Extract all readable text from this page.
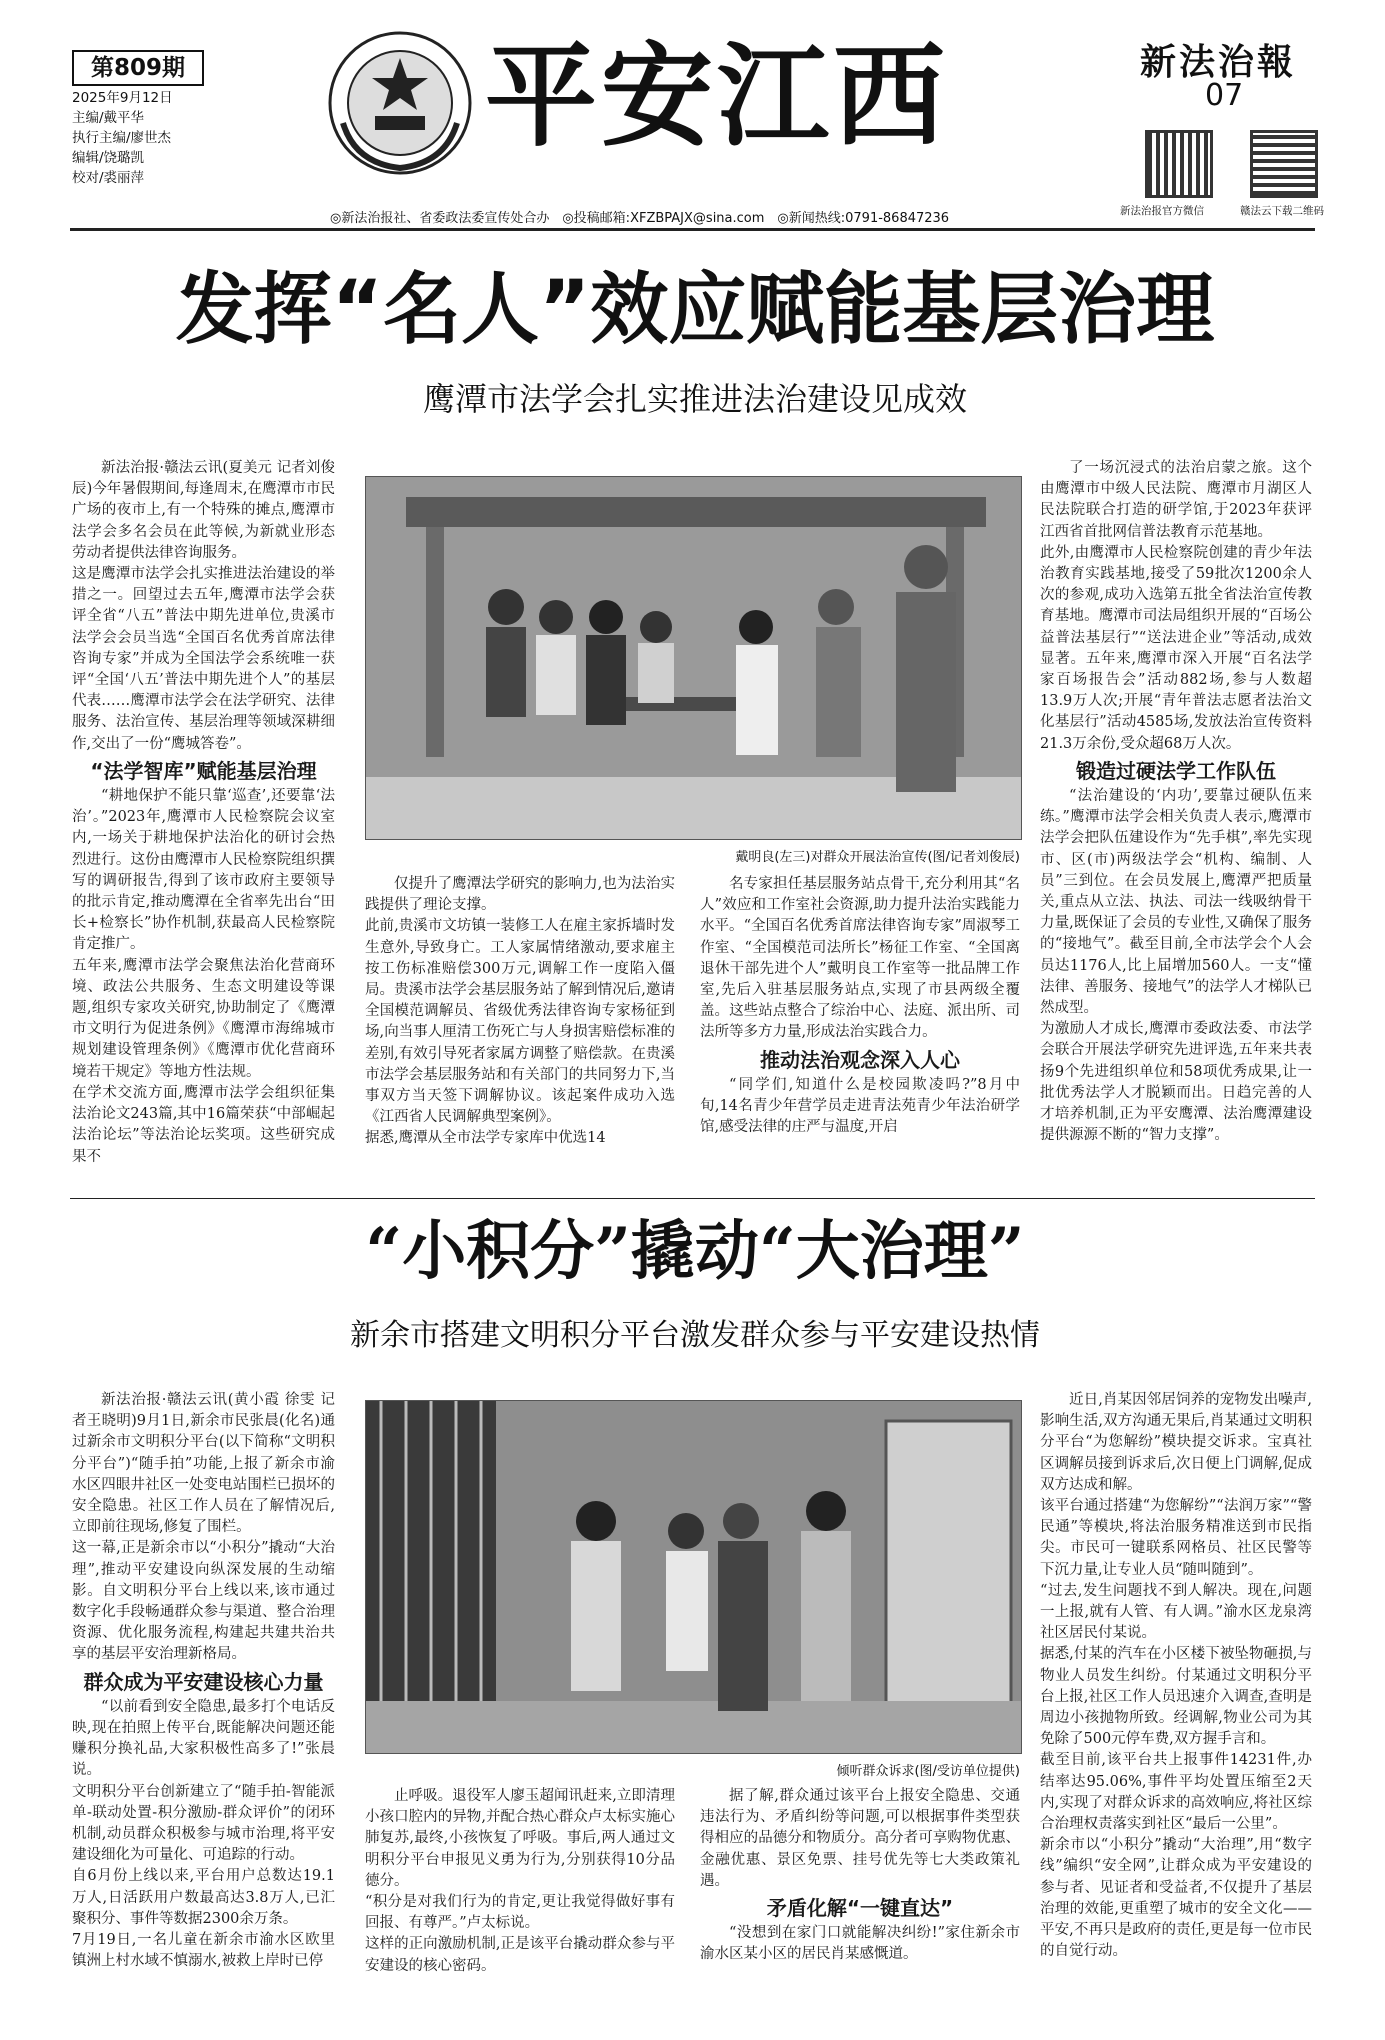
第809期
2025年9月12日
主编/戴平华
执行主编/廖世杰
编辑/饶璐凯
校对/裘丽萍
平安江西	新法治報
07
新法治报官方微信	赣法云下载二维码
◎新法治报社、省委政法委宣传处合办　◎投稿邮箱:XFZBPAJX@sina.com　◎新闻热线:0791-86847236
发挥“名人”效应赋能基层治理
鹰潭市法学会扎实推进法治建设见成效
新法治报·赣法云讯(夏美元 记者刘俊辰)今年暑假期间,每逢周末,在鹰潭市市民广场的夜市上,有一个特殊的摊点,鹰潭市法学会多名会员在此等候,为新就业形态劳动者提供法律咨询服务。
这是鹰潭市法学会扎实推进法治建设的举措之一。回望过去五年,鹰潭市法学会获评全省“八五”普法中期先进单位,贵溪市法学会会员当选“全国百名优秀首席法律咨询专家”并成为全国法学会系统唯一获评“全国‘八五’普法中期先进个人”的基层代表……鹰潭市法学会在法学研究、法律服务、法治宣传、基层治理等领域深耕细作,交出了一份“鹰城答卷”。
“法学智库”赋能基层治理
“耕地保护不能只靠‘巡查’,还要靠‘法治’。”2023年,鹰潭市人民检察院会议室内,一场关于耕地保护法治化的研讨会热烈进行。这份由鹰潭市人民检察院组织撰写的调研报告,得到了该市政府主要领导的批示肯定,推动鹰潭在全省率先出台“田长+检察长”协作机制,获最高人民检察院肯定推广。
五年来,鹰潭市法学会聚焦法治化营商环境、政法公共服务、生态文明建设等课题,组织专家攻关研究,协助制定了《鹰潭市文明行为促进条例》《鹰潭市海绵城市规划建设管理条例》《鹰潭市优化营商环境若干规定》等地方性法规。
在学术交流方面,鹰潭市法学会组织征集法治论文243篇,其中16篇荣获“中部崛起法治论坛”等法治论坛奖项。这些研究成果不
戴明良(左三)对群众开展法治宣传(图/记者刘俊辰)
仅提升了鹰潭法学研究的影响力,也为法治实践提供了理论支撑。
此前,贵溪市文坊镇一装修工人在雇主家拆墙时发生意外,导致身亡。工人家属情绪激动,要求雇主按工伤标准赔偿300万元,调解工作一度陷入僵局。贵溪市法学会基层服务站了解到情况后,邀请全国模范调解员、省级优秀法律咨询专家杨征到场,向当事人厘清工伤死亡与人身损害赔偿标准的差别,有效引导死者家属方调整了赔偿款。在贵溪市法学会基层服务站和有关部门的共同努力下,当事双方当天签下调解协议。该起案件成功入选《江西省人民调解典型案例》。
据悉,鹰潭从全市法学专家库中优选14
名专家担任基层服务站点骨干,充分利用其“名人”效应和工作室社会资源,助力提升法治实践能力水平。“全国百名优秀首席法律咨询专家”周淑琴工作室、“全国模范司法所长”杨征工作室、“全国离退休干部先进个人”戴明良工作室等一批品牌工作室,先后入驻基层服务站点,实现了市县两级全覆盖。这些站点整合了综治中心、法庭、派出所、司法所等多方力量,形成法治实践合力。
推动法治观念深入人心
“同学们,知道什么是校园欺凌吗?”8月中旬,14名青少年营学员走进青法苑青少年法治研学馆,感受法律的庄严与温度,开启
了一场沉浸式的法治启蒙之旅。这个由鹰潭市中级人民法院、鹰潭市月湖区人民法院联合打造的研学馆,于2023年获评江西省首批网信普法教育示范基地。
此外,由鹰潭市人民检察院创建的青少年法治教育实践基地,接受了59批次1200余人次的参观,成功入选第五批全省法治宣传教育基地。鹰潭市司法局组织开展的“百场公益普法基层行”“送法进企业”等活动,成效显著。五年来,鹰潭市深入开展“百名法学家百场报告会”活动882场,参与人数超13.9万人次;开展“青年普法志愿者法治文化基层行”活动4585场,发放法治宣传资料21.3万余份,受众超68万人次。
锻造过硬法学工作队伍
“法治建设的‘内功’,要靠过硬队伍来练。”鹰潭市法学会相关负责人表示,鹰潭市法学会把队伍建设作为“先手棋”,率先实现市、区(市)两级法学会“机构、编制、人员”三到位。在会员发展上,鹰潭严把质量关,重点从立法、执法、司法一线吸纳骨干力量,既保证了会员的专业性,又确保了服务的“接地气”。截至目前,全市法学会个人会员达1176人,比上届增加560人。一支“懂法律、善服务、接地气”的法学人才梯队已然成型。
为激励人才成长,鹰潭市委政法委、市法学会联合开展法学研究先进评选,五年来共表扬9个先进组织单位和58项优秀成果,让一批优秀法学人才脱颖而出。日趋完善的人才培养机制,正为平安鹰潭、法治鹰潭建设提供源源不断的“智力支撑”。
“小积分”撬动“大治理”
新余市搭建文明积分平台激发群众参与平安建设热情
新法治报·赣法云讯(黄小霞 徐雯 记者王晓明)9月1日,新余市民张晨(化名)通过新余市文明积分平台(以下简称“文明积分平台”)“随手拍”功能,上报了新余市渝水区四眼井社区一处变电站围栏已损坏的安全隐患。社区工作人员在了解情况后,立即前往现场,修复了围栏。
这一幕,正是新余市以“小积分”撬动“大治理”,推动平安建设向纵深发展的生动缩影。自文明积分平台上线以来,该市通过数字化手段畅通群众参与渠道、整合治理资源、优化服务流程,构建起共建共治共享的基层平安治理新格局。
群众成为平安建设核心力量
“以前看到安全隐患,最多打个电话反映,现在拍照上传平台,既能解决问题还能赚积分换礼品,大家积极性高多了!”张晨说。
文明积分平台创新建立了“随手拍-智能派单-联动处置-积分激励-群众评价”的闭环机制,动员群众积极参与城市治理,将平安建设细化为可量化、可追踪的行动。
自6月份上线以来,平台用户总数达19.1万人,日活跃用户数最高达3.8万人,已汇聚积分、事件等数据2300余万条。
7月19日,一名儿童在新余市渝水区欧里镇洲上村水域不慎溺水,被救上岸时已停
倾听群众诉求(图/受访单位提供)
止呼吸。退役军人廖玉超闻讯赶来,立即清理小孩口腔内的异物,并配合热心群众卢太标实施心肺复苏,最终,小孩恢复了呼吸。事后,两人通过文明积分平台申报见义勇为行为,分别获得10分品德分。
“积分是对我们行为的肯定,更让我觉得做好事有回报、有尊严。”卢太标说。
这样的正向激励机制,正是该平台撬动群众参与平安建设的核心密码。
据了解,群众通过该平台上报安全隐患、交通违法行为、矛盾纠纷等问题,可以根据事件类型获得相应的品德分和物质分。高分者可享购物优惠、金融优惠、景区免票、挂号优先等七大类政策礼遇。
矛盾化解“一键直达”
“没想到在家门口就能解决纠纷!”家住新余市渝水区某小区的居民肖某感慨道。
近日,肖某因邻居饲养的宠物发出噪声,影响生活,双方沟通无果后,肖某通过文明积分平台“为您解纷”模块提交诉求。宝真社区调解员接到诉求后,次日便上门调解,促成双方达成和解。
该平台通过搭建“为您解纷”“法润万家”“警民通”等模块,将法治服务精准送到市民指尖。市民可一键联系网格员、社区民警等下沉力量,让专业人员“随叫随到”。
“过去,发生问题找不到人解决。现在,问题一上报,就有人管、有人调。”渝水区龙泉湾社区居民付某说。
据悉,付某的汽车在小区楼下被坠物砸损,与物业人员发生纠纷。付某通过文明积分平台上报,社区工作人员迅速介入调查,查明是周边小孩抛物所致。经调解,物业公司为其免除了500元停车费,双方握手言和。
截至目前,该平台共上报事件14231件,办结率达95.06%,事件平均处置压缩至2天内,实现了对群众诉求的高效响应,将社区综合治理权责落实到社区“最后一公里”。
新余市以“小积分”撬动“大治理”,用“数字线”编织“安全网”,让群众成为平安建设的参与者、见证者和受益者,不仅提升了基层治理的效能,更重塑了城市的安全文化——平安,不再只是政府的责任,更是每一位市民的自觉行动。
